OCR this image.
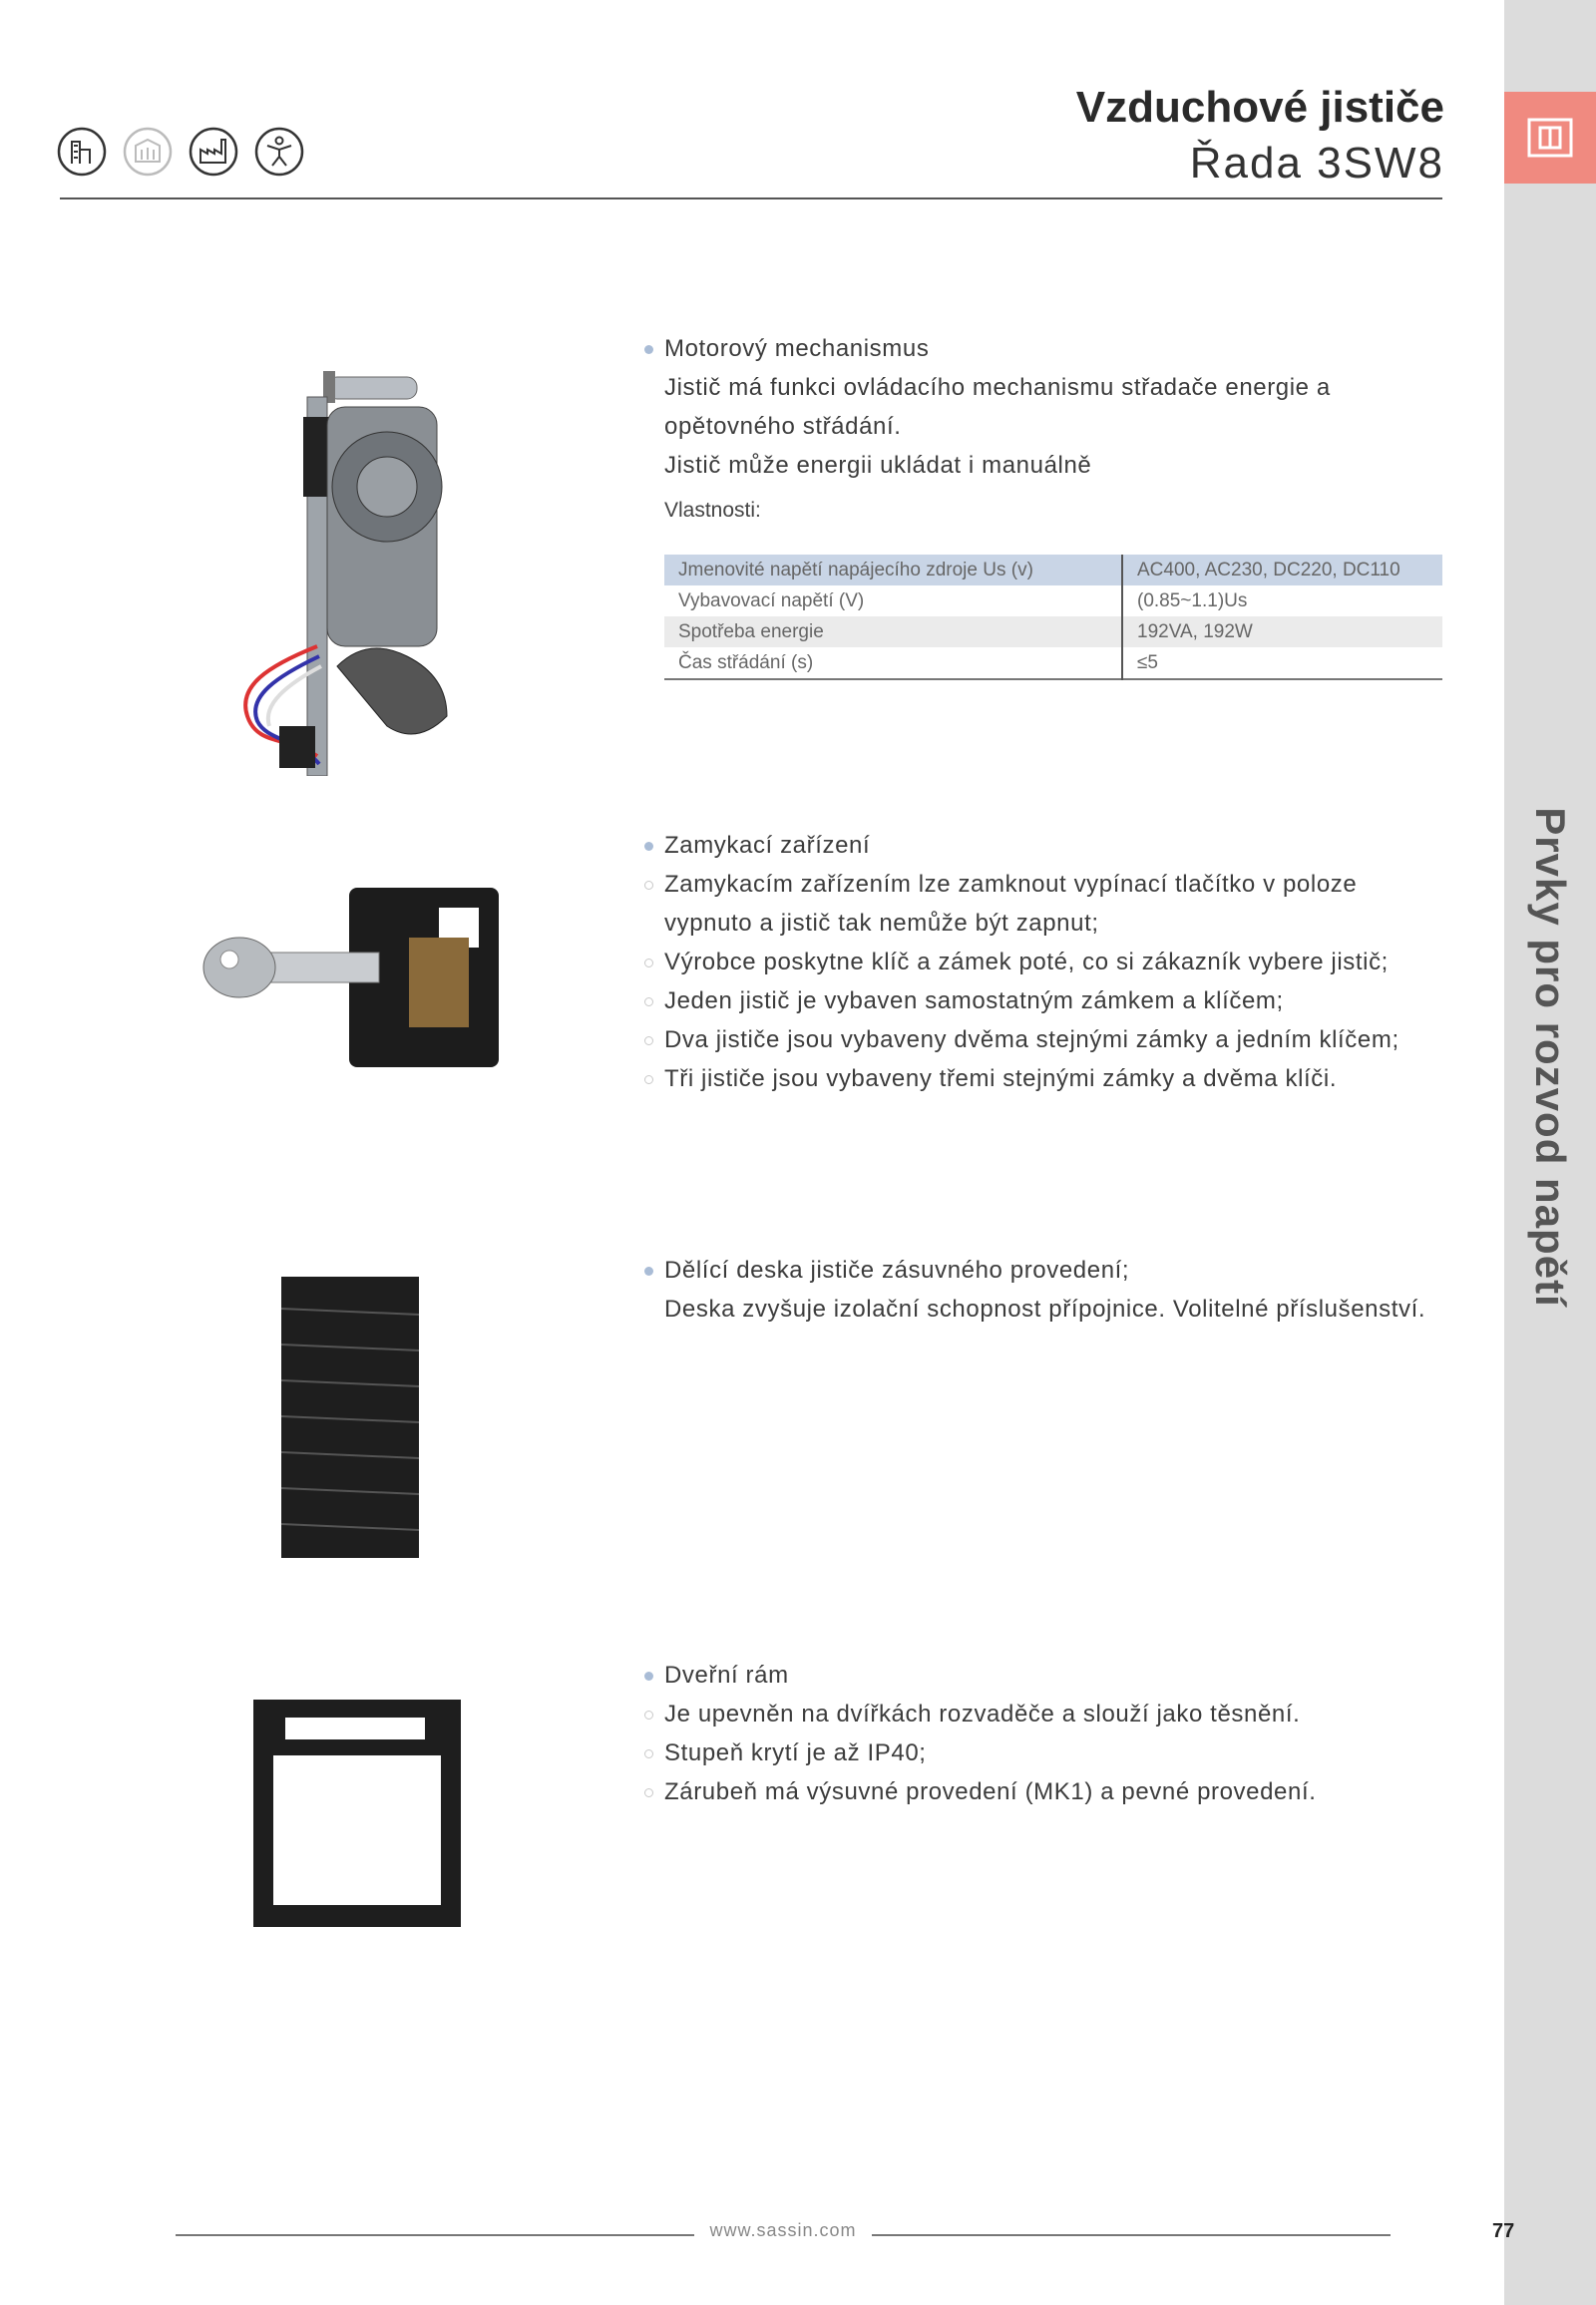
Prvky pro rozvod napětí
Vzduchové jističe
Řada 3SW8
Motorový mechanismus
Jistič má funkci ovládacího mechanismu střadače energie a
opětovného střádání.
Jistič může energii ukládat i manuálně
Vlastnosti:
Jmenovité napětí napájecího zdroje Us (v)	AC400, AC230, DC220, DC110
Vybavovací napětí (V)	(0.85~1.1)Us
Spotřeba energie	192VA, 192W
Čas střádání (s)	≤5
Zamykací zařízení
Zamykacím zařízením lze zamknout vypínací tlačítko v poloze
vypnuto a jistič tak nemůže být zapnut;
Výrobce poskytne klíč a zámek poté, co si zákazník vybere jistič;
Jeden jistič je vybaven samostatným zámkem a klíčem;
Dva jističe jsou vybaveny dvěma stejnými zámky a jedním klíčem;
Tři jističe jsou vybaveny třemi stejnými zámky a dvěma klíči.
Dělící deska jističe zásuvného provedení;
Deska zvyšuje izolační schopnost přípojnice. Volitelné příslušenství.
Dveřní rám
Je upevněn na dvířkách rozvaděče a slouží jako těsnění.
Stupeň krytí je až IP40;
Zárubeň má výsuvné provedení (MK1) a pevné provedení.
www.sassin.com	77
